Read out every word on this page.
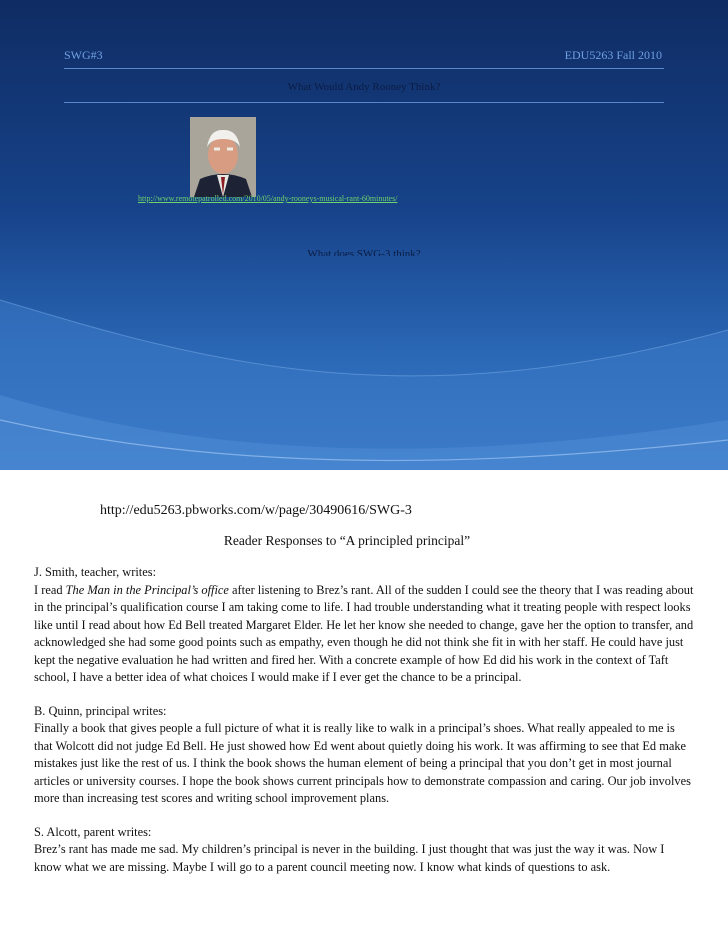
SWG#3	EDU5263 Fall 2010
What Would Andy Rooney Think?
http://www.remotepatrolled.com/2010/05/andy-rooneys-musical-rant-60minutes/
What does SWG-3 think?
http://edu5263.pbworks.com/w/page/30490616/SWG-3
Reader Responses to “A principled principal”

J. Smith, teacher, writes:

I read The Man in the Principal’s office after listening to Brez’s rant. All of the sudden I could see the theory that I was reading about in the principal’s qualification course I am taking come to life. I had trouble understanding what it treating people with respect looks like until I read about how Ed Bell treated Margaret Elder. He let her know she needed to change, gave her the option to transfer, and acknowledged she had some good points such as empathy, even though he did not think she fit in with her staff. He could have just kept the negative evaluation he had written and fired her. With a concrete example of how Ed did his work in the context of Taft school, I have a better idea of what choices I would make if I ever get the chance to be a principal.

B. Quinn, principal writes:

Finally a book that gives people a full picture of what it is really like to walk in a principal’s shoes. What really appealed to me is that Wolcott did not judge Ed Bell. He just showed how Ed went about quietly doing his work. It was affirming to see that Ed make mistakes just like the rest of us. I think the book shows the human element of being a principal that you don’t get in most journal articles or university courses. I hope the book shows current principals how to demonstrate compassion and caring. Our job involves more than increasing test scores and writing school improvement plans.

S. Alcott, parent writes:

Brez’s rant has made me sad. My children’s principal is never in the building. I just thought that was just the way it was. Now I know what we are missing. Maybe I will go to a parent council meeting now. I know what kinds of questions to ask.
